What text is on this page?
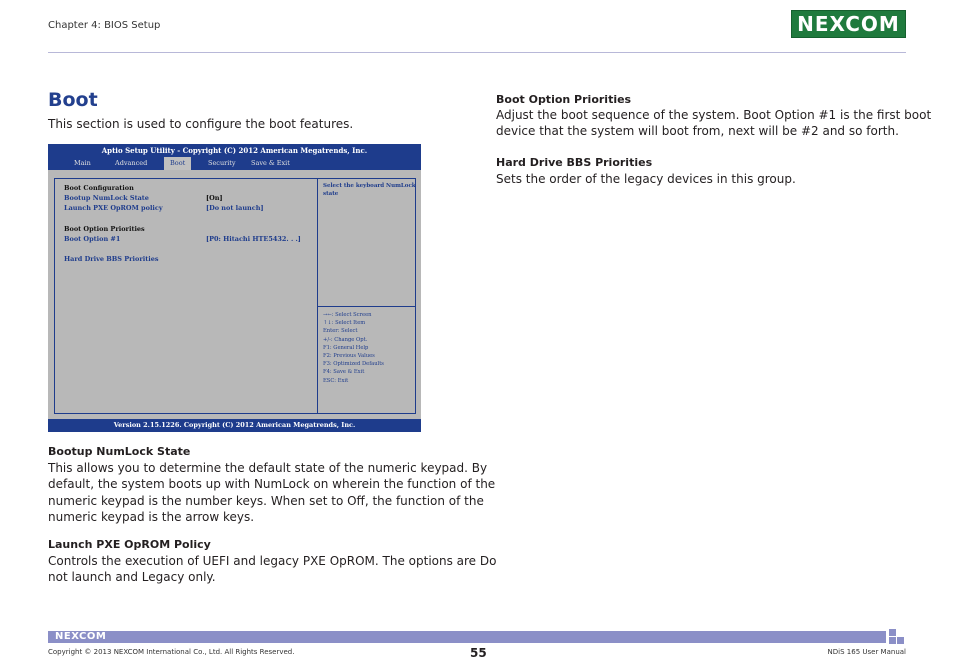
Chapter 4: BIOS Setup	NEXCOM
Boot
This section is used to configure the boot features.
Aptio Setup Utility - Copyright (C) 2012 American Megatrends, Inc.
Main	Advanced	Boot	Security Save & Exit
Boot Configuration
Bootup NumLock State	[On]
Launch PXE OpROM policy	[Do not launch]
Boot Option Priorities
Boot Option #1	[P0: Hitachi HTE5432. . .]
Hard Drive BBS Priorities
Select the keyboard NumLock
state
→←: Select Screen
↑↓: Select Item
Enter: Select
+/-: Change Opt.
F1: General Help
F2: Previous Values
F3: Optimized Defaults
F4: Save & Exit
ESC: Exit
Version 2.15.1226. Copyright (C) 2012 American Megatrends, Inc.
Bootup NumLock State
This allows you to determine the default state of the numeric keypad. By
default, the system boots up with NumLock on wherein the function of the
numeric keypad is the number keys. When set to Off, the function of the
numeric keypad is the arrow keys.
Launch PXE OpROM Policy
Controls the execution of UEFI and legacy PXE OpROM. The options are Do
not launch and Legacy only.
Boot Option Priorities
Adjust the boot sequence of the system. Boot Option #1 is the first boot
device that the system will boot from, next will be #2 and so forth.
Hard Drive BBS Priorities
Sets the order of the legacy devices in this group.
NEXCOM
Copyright © 2013 NEXCOM International Co., Ltd. All Rights Reserved.	55	NDiS 165 User Manual
